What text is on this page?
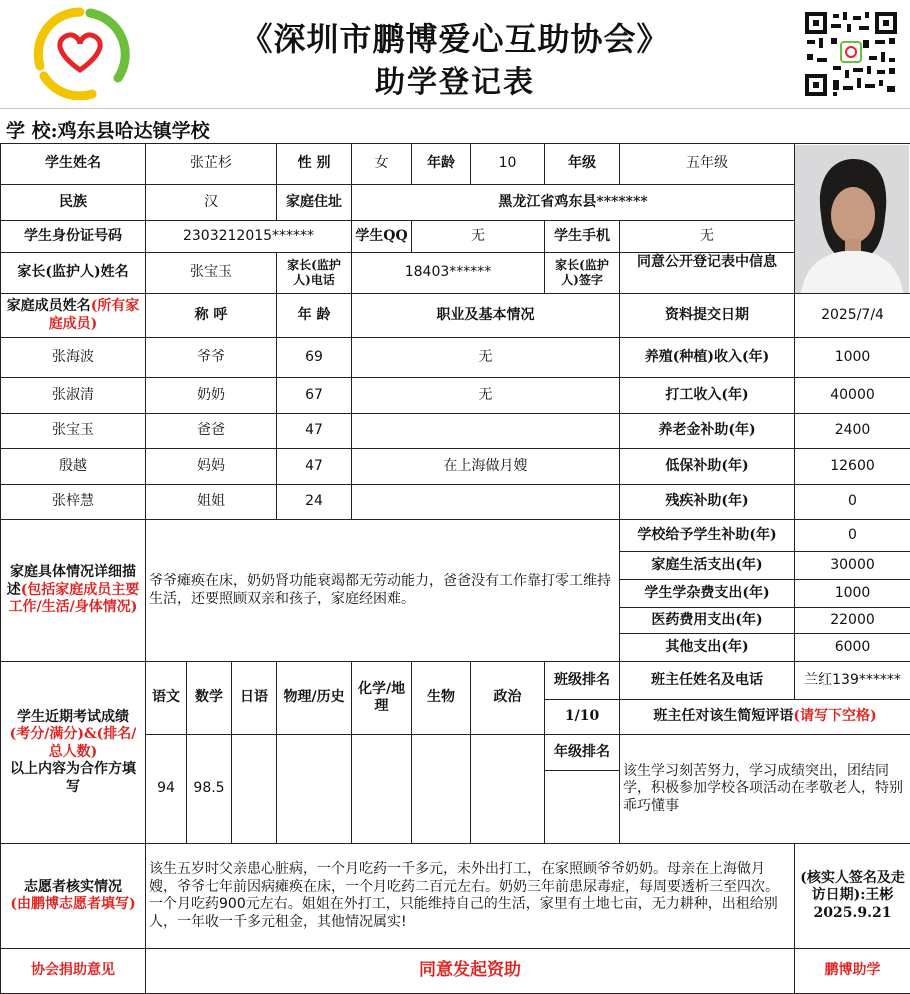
《深圳市鹏博爱心互助协会》
助学登记表
学 校:鸡东县哈达镇学校
学生姓名	张芷杉			性 别	女	年龄	10	年级	五年级	

民族	汉			家庭住址	黑龙江省鸡东县*******					
学生身份证号码	2303212015******				学生QQ	无		学生手机	无	
家长(监护人)姓名	张宝玉			家长(监护人)电话	18403******			家长(监护人)签字	同意公开登记表中信息	
家庭成员姓名(所有家庭成员)	称 呼			年 龄	职业及基本情况				资料提交日期	2025/7/4
张海波	爷爷			69	无				养殖(种植)收入(年)	1000
张淑清	奶奶			67	无				打工收入(年)	40000
张宝玉	爸爸			47					养老金补助(年)	2400
殷越	妈妈			47	在上海做月嫂				低保补助(年)	12600
张梓慧	姐姐			24					残疾补助(年)	0
家庭具体情况详细描述(包括家庭成员主要工作/生活/身体情况)	爷爷瘫痪在床，奶奶肾功能衰竭都无劳动能力，爸爸没有工作靠打零工维持生活，还要照顾双亲和孩子，家庭经困难。								学校给予学生补助(年)	0
									家庭生活支出(年)	30000
									学生学杂费支出(年)	1000
									医药费用支出(年)	22000
									其他支出(年)	6000

学生近期考试成绩
(考分/满分)&(排名/总人数)
以上内容为合作方填写	语文	数学	日语	物理/历史	化学/地理	生物	政治	班级排名	班主任姓名及电话	兰红139******
								1/10	班主任对该生简短评语(请写下空格)	
	94	98.5						年级排名	该生学习刻苦努力，学习成绩突出，团结同学，积极参加学校各项活动在孝敬老人，特别乖巧懂事	

志愿者核实情况
(由鹏博志愿者填写)	该生五岁时父亲患心脏病，一个月吃药一千多元，未外出打工，在家照顾爷爷奶奶。母亲在上海做月嫂，爷爷七年前因病瘫痪在床，一个月吃药二百元左右。奶奶三年前患尿毒症，每周要透析三至四次。一个月吃药900元左右。姐姐在外打工，只能维持自己的生活，家里有土地七亩，无力耕种，出租给别人，一年收一千多元租金，其他情况属实!									(核实人签名及走访日期):王彬 2025.9.21
协会捐助意见	同意发起资助									鹏博助学
